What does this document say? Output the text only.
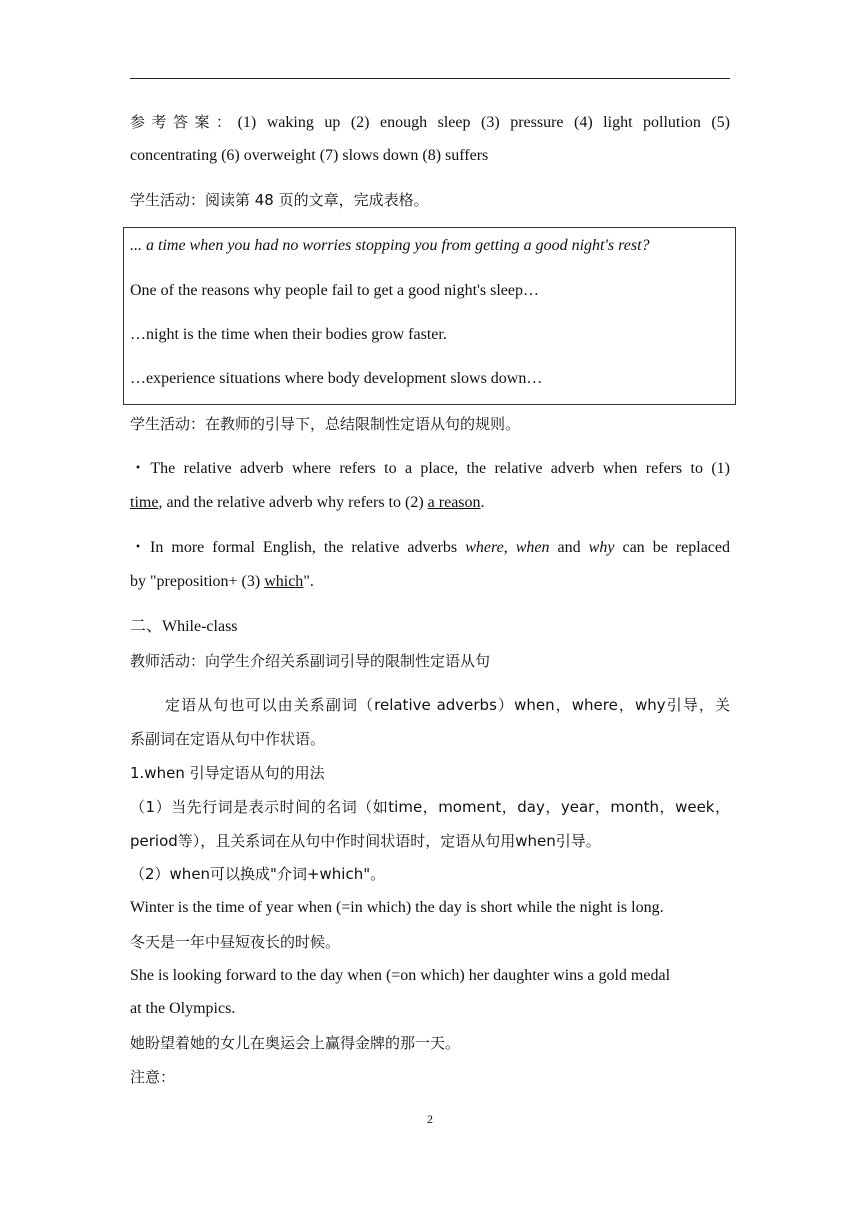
参考答案：(1) waking up (2) enough sleep (3) pressure (4) light pollution (5)
concentrating (6) overweight (7) slows down (8) suffers
学生活动：阅读第 48 页的文章，完成表格。
... a time when you had no worries stopping you from getting a good night's rest?
One of the reasons why people fail to get a good night's sleep…
…night is the time when their bodies grow faster.
…experience situations where body development slows down…
学生活动：在教师的引导下，总结限制性定语从句的规则。
・The relative adverb where refers to a place, the relative adverb when refers to (1)
time, and the relative adverb why refers to (2) a reason.
・In more formal English, the relative adverbs where, when and why can be replaced
by "preposition+ (3) which".
二、While-class
教师活动：向学生介绍关系副词引导的限制性定语从句
定语从句也可以由关系副词（relative adverbs）when，where，why引导，关
系副词在定语从句中作状语。
1.when 引导定语从句的用法
（1）当先行词是表示时间的名词（如time，moment，day，year，month，week，
period等），且关系词在从句中作时间状语时，定语从句用when引导。
（2）when可以换成"介词+which"。
Winter is the time of year when (=in which) the day is short while the night is long.
冬天是一年中昼短夜长的时候。
She is looking forward to the day when (=on which) her daughter wins a gold medal
at the Olympics.
她盼望着她的女儿在奥运会上赢得金牌的那一天。
注意：
2
